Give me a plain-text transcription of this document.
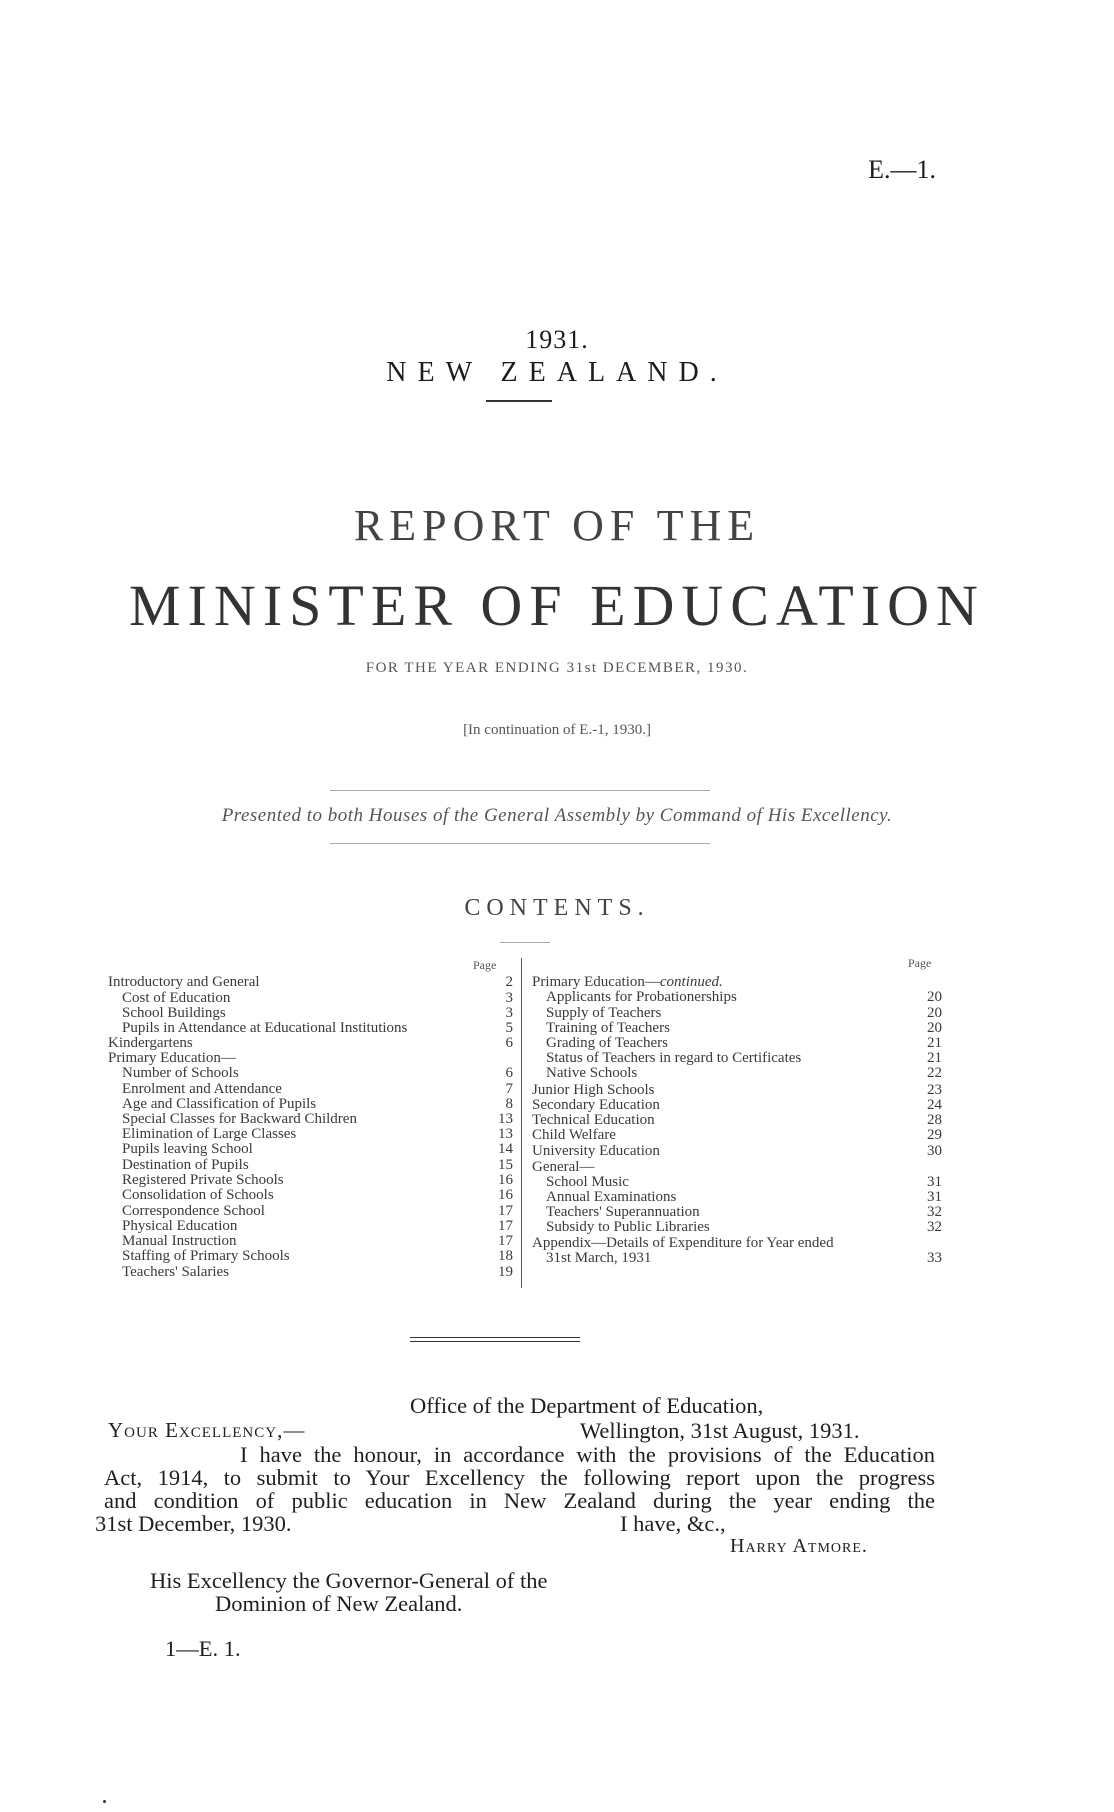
E.—1.
1931.
NEW ZEALAND.
REPORT OF THE
MINISTER OF EDUCATION
FOR THE YEAR ENDING 31st DECEMBER, 1930.
[In continuation of E.-1, 1930.]
Presented to both Houses of the General Assembly by Command of His Excellency.
CONTENTS.
Page	Page
Introductory and General	2
Cost of Education	3
School Buildings	3
Pupils in Attendance at Educational Institutions	5
Kindergartens	6
Primary Education—
Number of Schools	6
Enrolment and Attendance	7
Age and Classification of Pupils	8
Special Classes for Backward Children	13
Elimination of Large Classes	13
Pupils leaving School	14
Destination of Pupils	15
Registered Private Schools	16
Consolidation of Schools	16
Correspondence School	17
Physical Education	17
Manual Instruction	17
Staffing of Primary Schools	18
Teachers' Salaries	19
Primary Education—continued.
Applicants for Probationerships	20
Supply of Teachers	20
Training of Teachers	20
Grading of Teachers	21
Status of Teachers in regard to Certificates	21
Native Schools	22
Junior High Schools	23
Secondary Education	24
Technical Education	28
Child Welfare	29
University Education	30
General—
School Music	31
Annual Examinations	31
Teachers' Superannuation	32
Subsidy to Public Libraries	32
Appendix—Details of Expenditure for Year ended
31st March, 1931	33
Office of the Department of Education,
Your Excellency,—	Wellington, 31st August, 1931.
I have the honour, in accordance with the provisions of the Education
Act, 1914, to submit to Your Excellency the following report upon the progress
and condition of public education in New Zealand during the year ending the
31st December, 1930.	I have, &c.,
Harry Atmore.
His Excellency the Governor-General of the
Dominion of New Zealand.
1—E. 1.
